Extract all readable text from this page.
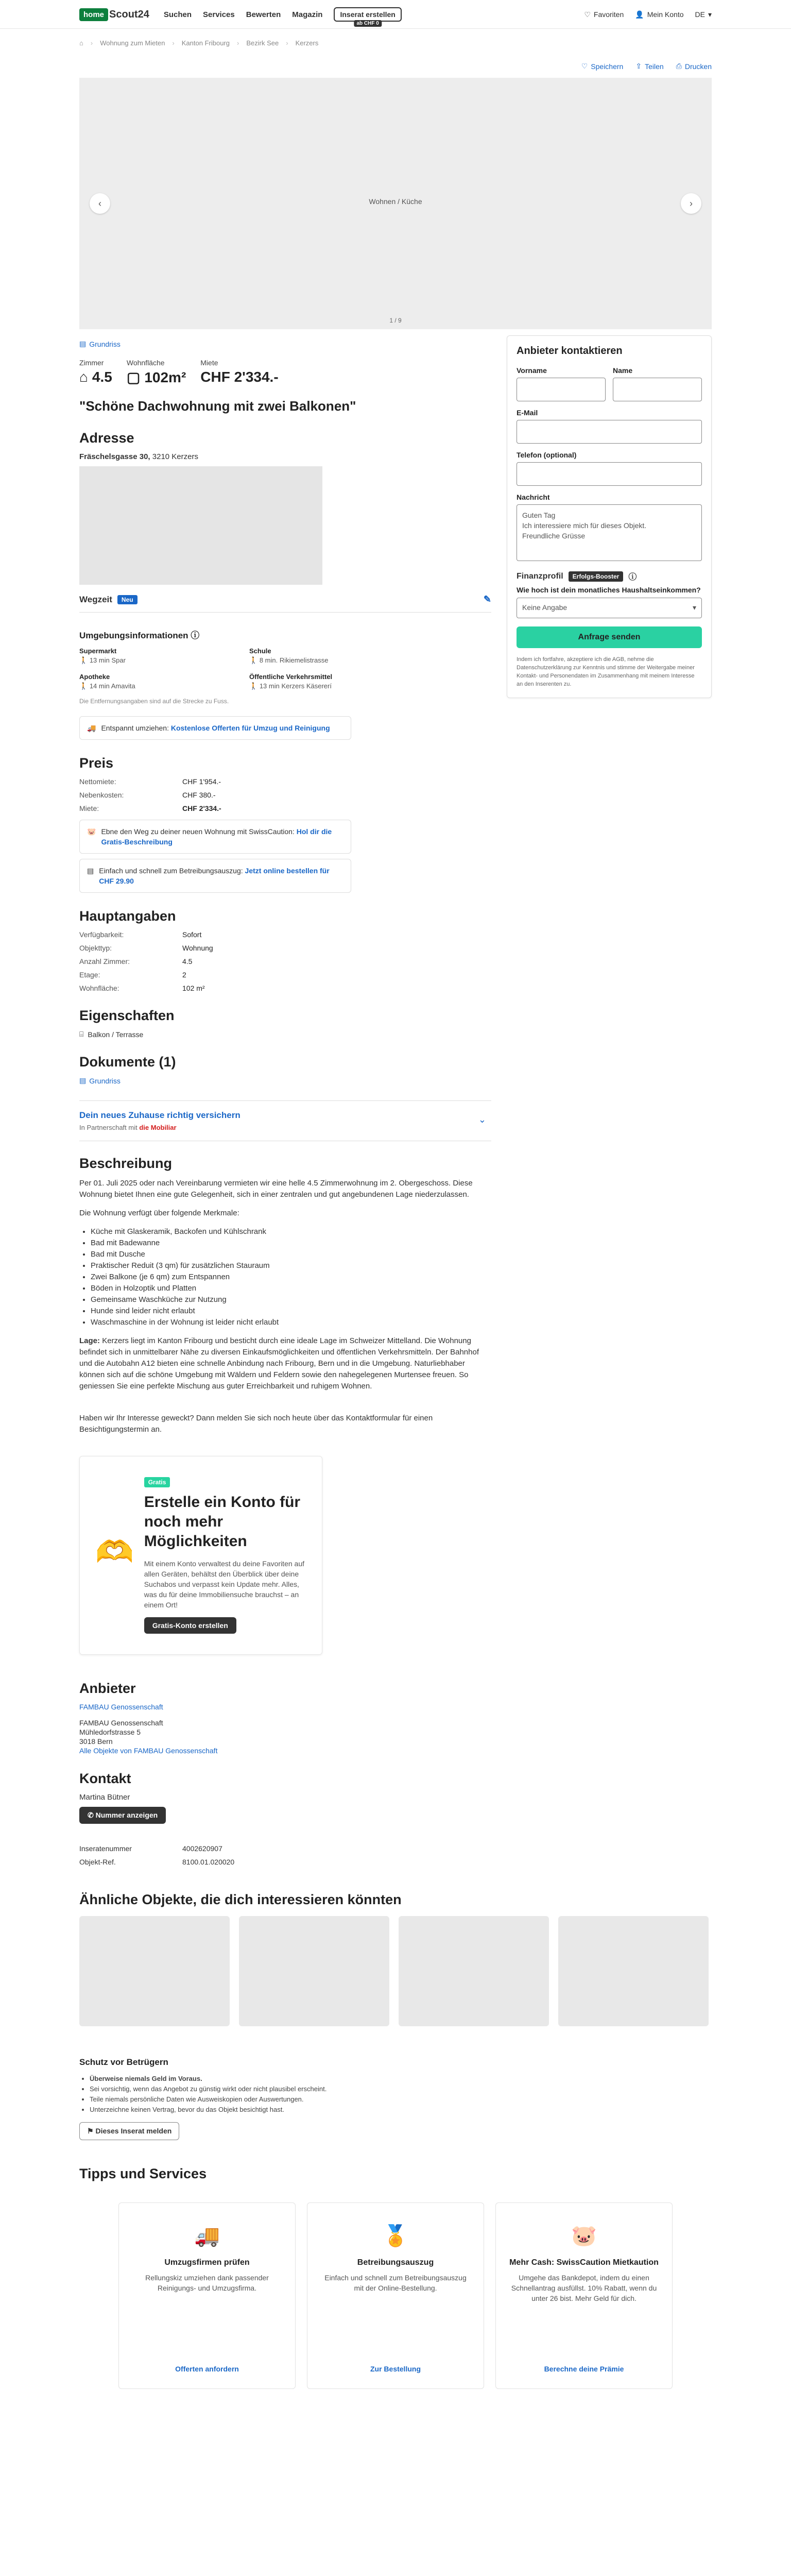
home Scout24 Suchen Services Bewerten Magazin	Inserat erstellen
ab CHF 0
♡ Favoriten 👤 Mein Konto DE ▾
⌂ › Wohnung zum Mieten › Kanton Fribourg › Bezirk See › Kerzers
♡ Speichern ⇪ Teilen ⎙ Drucken
‹	Wohnen / Küche	›
1 / 9
▤ Grundriss
Zimmer
⌂ 4.5
Wohnfläche
▢ 102m²
Miete
CHF 2'334.-
"Schöne Dachwohnung mit zwei Balkonen"
Adresse
Fräschelsgasse 30, 3210 Kerzers
Wegzeit	Neu	✎
Umgebungsinformationen ⓘ
Supermarkt
🚶 13 min Spar
Schule
🚶 8 min. Rikiemelistrasse
Apotheke
🚶 14 min Amavita
Öffentliche Verkehrsmittel
🚶 13 min Kerzers Käsererí
Die Entfernungsangaben sind auf die Strecke zu Fuss.
🚚 Entspannt umziehen: Kostenlose Offerten für Umzug und Reinigung
Preis
Nettomiete:	CHF 1'954.-
Nebenkosten:	CHF 380.-
Miete:	CHF 2'334.-
🐷 Ebne den Weg zu deiner neuen Wohnung mit SwissCaution: Hol dir die Gratis-Beschreibung
▤ Einfach und schnell zum Betreibungsauszug: Jetzt online bestellen für CHF 29.90
Hauptangaben
Verfügbarkeit:	Sofort
Objekttyp:	Wohnung
Anzahl Zimmer:	4.5
Etage:	2
Wohnfläche:	102 m²
Eigenschaften
⌸ Balkon / Terrasse
Dokumente (1)
▤ Grundriss
Dein neues Zuhause richtig versichern
In Partnerschaft mit die Mobiliar
⌄
Beschreibung

Per 01. Juli 2025 oder nach Vereinbarung vermieten wir eine helle 4.5 Zimmerwohnung im 2. Obergeschoss. Diese Wohnung bietet Ihnen eine gute Gelegenheit, sich in einer zentralen und gut angebundenen Lage niederzulassen.

Die Wohnung verfügt über folgende Merkmale:

• Küche mit Glaskeramik, Backofen und Kühlschrank
• Bad mit Badewanne
• Bad mit Dusche
• Praktischer Reduit (3 qm) für zusätzlichen Stauraum
• Zwei Balkone (je 6 qm) zum Entspannen
• Böden in Holzoptik und Platten
• Gemeinsame Waschküche zur Nutzung
• Hunde sind leider nicht erlaubt
• Waschmaschine in der Wohnung ist leider nicht erlaubt

Lage: Kerzers liegt im Kanton Fribourg und besticht durch eine ideale Lage im Schweizer Mittelland. Die Wohnung befindet sich in unmittelbarer Nähe zu diversen Einkaufsmöglichkeiten und öffentlichen Verkehrsmitteln. Der Bahnhof und die Autobahn A12 bieten eine schnelle Anbindung nach Fribourg, Bern und in die Umgebung. Naturliebhaber können sich auf die schöne Umgebung mit Wäldern und Feldern sowie den nahegelegenen Murtensee freuen. So geniessen Sie eine perfekte Mischung aus guter Erreichbarkeit und ruhigem Wohnen.

Haben wir Ihr Interesse geweckt? Dann melden Sie sich noch heute über das Kontaktformular für einen Besichtigungstermin an.

🫶
Gratis
Erstelle ein Konto für noch mehr Möglichkeiten
Mit einem Konto verwaltest du deine Favoriten auf allen Geräten, behältst den Überblick über deine Suchabos und verpasst kein Update mehr. Alles, was du für deine Immobiliensuche brauchst – an einem Ort!
Gratis-Konto erstellen
Anbieter
FAMBAU Genossenschaft
FAMBAU Genossenschaft
Mühledorfstrasse 5
3018 Bern
Alle Objekte von FAMBAU Genossenschaft
Kontakt
Martina Bütner
✆ Nummer anzeigen
Inseratenummer	4002620907
Objekt-Ref.	8100.01.020020
Anbieter kontaktieren
Vorname	Name
E-Mail
Telefon (optional)
Nachricht
Guten Tag
Ich interessiere mich für dieses Objekt.
Freundliche Grüsse
Finanzprofil	Erfolgs-Booster	ⓘ
Wie hoch ist dein monatliches Haushaltseinkommen?
Keine Angabe	▾
Anfrage senden
Indem ich fortfahre, akzeptiere ich die AGB, nehme die Datenschutzerklärung zur Kenntnis und stimme der Weitergabe meiner Kontakt- und Personendaten im Zusammenhang mit meinem Interesse an den Inserenten zu.
Ähnliche Objekte, die dich interessieren könnten
Schutz vor Betrügern
• Überweise niemals Geld im Voraus.
• Sei vorsichtig, wenn das Angebot zu günstig wirkt oder nicht plausibel erscheint.
• Teile niemals persönliche Daten wie Ausweiskopien oder Auswertungen.
• Unterzeichne keinen Vertrag, bevor du das Objekt besichtigt hast.
⚑ Dieses Inserat melden
Tipps und Services
🚚
Umzugsfirmen prüfen
Rellungskiz umziehen dank passender Reinigungs- und Umzugsfirma.
Offerten anfordern
🏅
Betreibungsauszug
Einfach und schnell zum Betreibungsauszug mit der Online-Bestellung.
Zur Bestellung
🐷
Mehr Cash: SwissCaution Mietkaution
Umgehe das Bankdepot, indem du einen Schnellantrag ausfüllst. 10% Rabatt, wenn du unter 26 bist. Mehr Geld für dich.
Berechne deine Prämie
